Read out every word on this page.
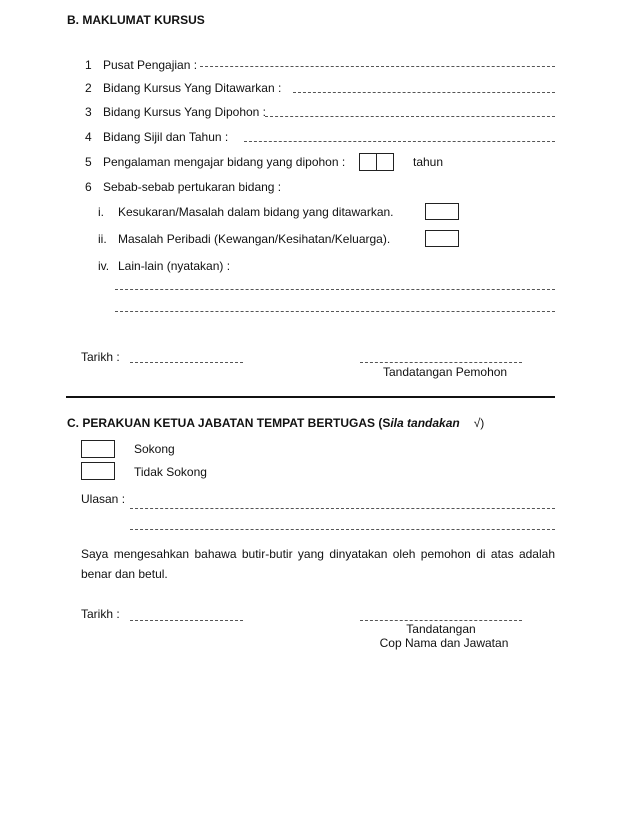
B. MAKLUMAT KURSUS
1 Pusat Pengajian :
2 Bidang Kursus Yang Ditawarkan :
3 Bidang Kursus Yang Dipohon :
4 Bidang Sijil dan Tahun :
5 Pengalaman mengajar bidang yang dipohon :	tahun
6 Sebab-sebab pertukaran bidang :
i. Kesukaran/Masalah dalam bidang yang ditawarkan.
ii. Masalah Peribadi (Kewangan/Kesihatan/Keluarga).
iv. Lain-lain (nyatakan) :
Tarikh :
Tandatangan Pemohon
C. PERAKUAN KETUA JABATAN TEMPAT BERTUGAS (Sila tandakan √)
Sokong
Tidak Sokong
Ulasan :
Saya mengesahkan bahawa butir-butir yang dinyatakan oleh pemohon di atas adalah benar dan betul.
Tarikh :
Tandatangan
Cop Nama dan Jawatan
